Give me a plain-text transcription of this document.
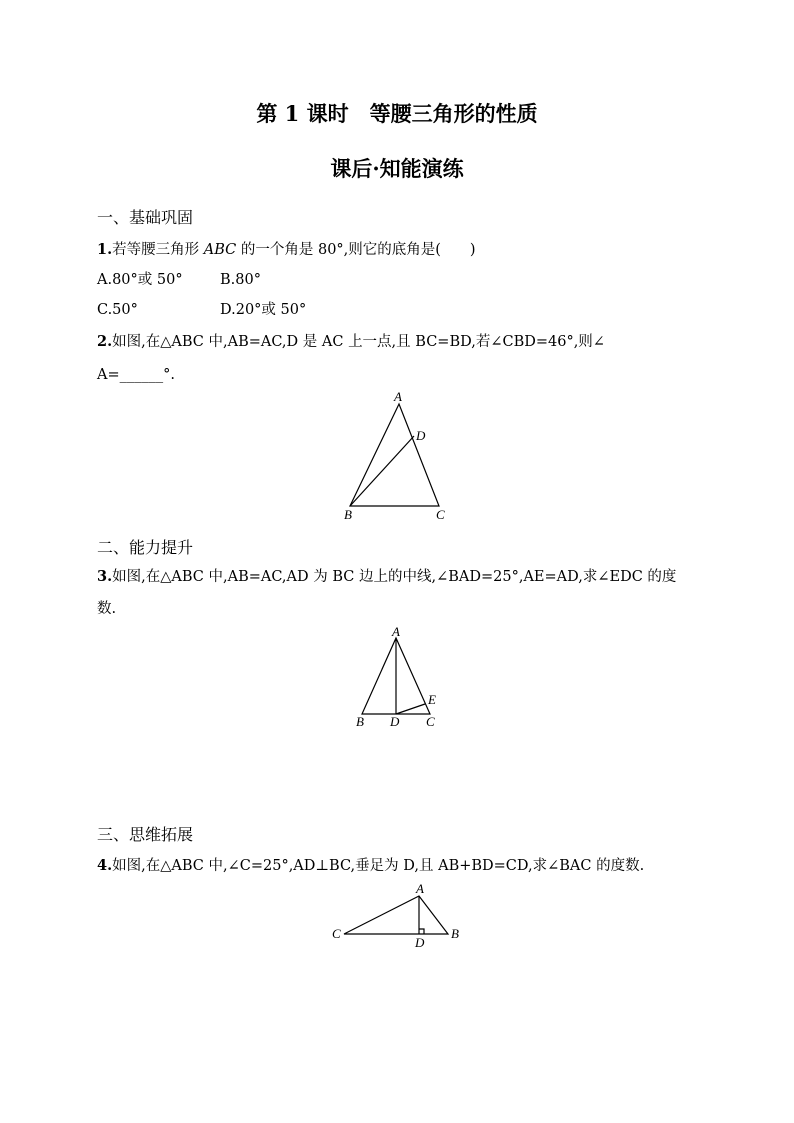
第 1 课时　等腰三角形的性质
课后·知能演练
一、基础巩固
1.若等腰三角形 ABC 的一个角是 80°,则它的底角是(　　)
A.80°或 50°	B.80°
C.50°	D.20°或 50°
2.如图,在△ABC 中,AB=AC,D 是 AC 上一点,且 BC=BD,若∠CBD=46°,则∠
A=______°.
A
D
B	C
二、能力提升
3.如图,在△ABC 中,AB=AC,AD 为 BC 边上的中线,∠BAD=25°,AE=AD,求∠EDC 的度
数.
A
E
B D C
三、思维拓展
4.如图,在△ABC 中,∠C=25°,AD⊥BC,垂足为 D,且 AB+BD=CD,求∠BAC 的度数.
A
C	B
D
